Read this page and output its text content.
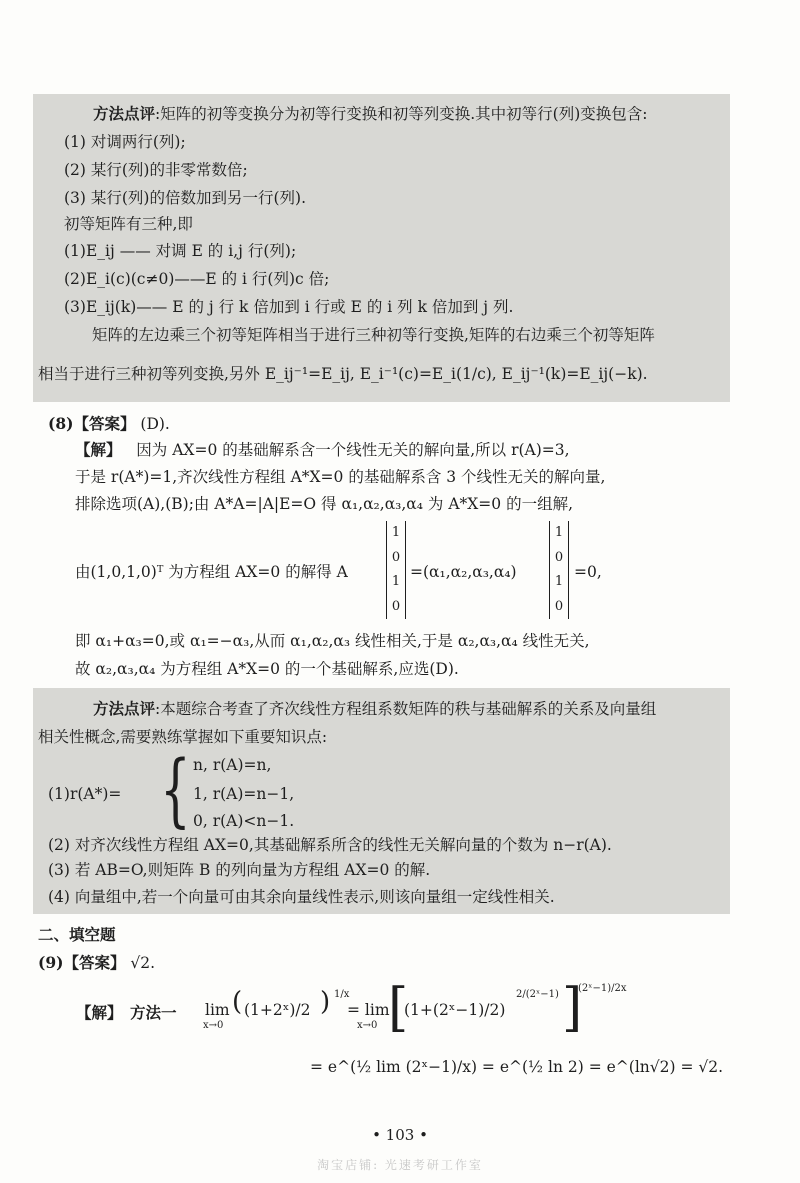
方法点评:矩阵的初等变换分为初等行变换和初等列变换.其中初等行(列)变换包含:
(1) 对调两行(列);
(2) 某行(列)的非零常数倍;
(3) 某行(列)的倍数加到另一行(列).
初等矩阵有三种,即
(1)E_ij —— 对调 E 的 i,j 行(列);
(2)E_i(c)(c≠0)——E 的 i 行(列)c 倍;
(3)E_ij(k)—— E 的 j 行 k 倍加到 i 行或 E 的 i 列 k 倍加到 j 列.
矩阵的左边乘三个初等矩阵相当于进行三种初等行变换,矩阵的右边乘三个初等矩阵
相当于进行三种初等列变换,另外 E_ij⁻¹=E_ij, E_i⁻¹(c)=E_i(1/c), E_ij⁻¹(k)=E_ij(−k).
(8)【答案】 (D).
【解】 因为 AX=0 的基础解系含一个线性无关的解向量,所以 r(A)=3,
于是 r(A*)=1,齐次线性方程组 A*X=0 的基础解系含 3 个线性无关的解向量,
排除选项(A),(B);由 A*A=|A|E=O 得 α₁,α₂,α₃,α₄ 为 A*X=0 的一组解,
由(1,0,1,0)ᵀ 为方程组 AX=0 的解得 A
1
0
1
0
=(α₁,α₂,α₃,α₄)
1
0
1
0
=0,
即 α₁+α₃=0,或 α₁=−α₃,从而 α₁,α₂,α₃ 线性相关,于是 α₂,α₃,α₄ 线性无关,
故 α₂,α₃,α₄ 为方程组 A*X=0 的一个基础解系,应选(D).
方法点评:本题综合考查了齐次线性方程组系数矩阵的秩与基础解系的关系及向量组
相关性概念,需要熟练掌握如下重要知识点:
(1)r(A*)= { n, r(A)=n,
1, r(A)=n−1,
0, r(A)<n−1.
(2) 对齐次线性方程组 AX=0,其基础解系所含的线性无关解向量的个数为 n−r(A).
(3) 若 AB=O,则矩阵 B 的列向量为方程组 AX=0 的解.
(4) 向量组中,若一个向量可由其余向量线性表示,则该向量组一定线性相关.
二、填空题
(9)【答案】 √2.
【解】 方法一 lim
x→0
( (1+2ˣ)/2 ) 1/x
= lim
x→0 [
(1+(2ˣ−1)/2)
2/(2ˣ−1) ]
(2ˣ−1)/2x
= e^(½ lim (2ˣ−1)/x) = e^(½ ln 2) = e^(ln√2) = √2.
• 103 •
淘宝店铺: 光速考研工作室
